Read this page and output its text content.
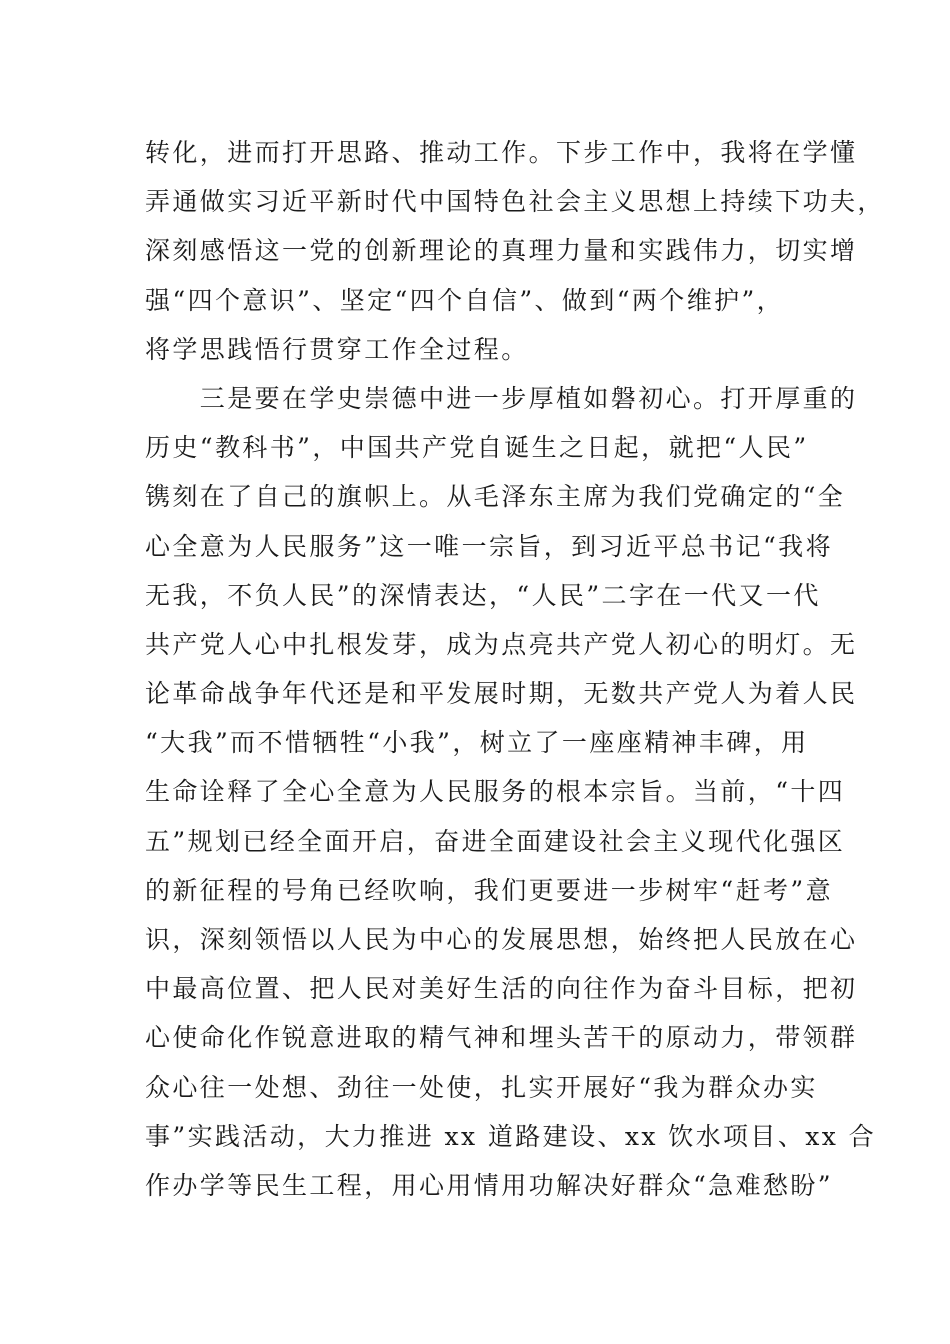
转化，进而打开思路、推动工作。下步工作中，我将在学懂
弄通做实习近平新时代中国特色社会主义思想上持续下功夫，
深刻感悟这一党的创新理论的真理力量和实践伟力，切实增
强“四个意识”、坚定“四个自信”、做到“两个维护”，
将学思践悟行贯穿工作全过程。
　　三是要在学史崇德中进一步厚植如磐初心。打开厚重的
历史“教科书”，中国共产党自诞生之日起，就把“人民”
镌刻在了自己的旗帜上。从毛泽东主席为我们党确定的“全
心全意为人民服务”这一唯一宗旨，到习近平总书记“我将
无我，不负人民”的深情表达，“人民”二字在一代又一代
共产党人心中扎根发芽，成为点亮共产党人初心的明灯。无
论革命战争年代还是和平发展时期，无数共产党人为着人民
“大我”而不惜牺牲“小我”，树立了一座座精神丰碑，用
生命诠释了全心全意为人民服务的根本宗旨。当前，“十四
五”规划已经全面开启，奋进全面建设社会主义现代化强区
的新征程的号角已经吹响，我们更要进一步树牢“赶考”意
识，深刻领悟以人民为中心的发展思想，始终把人民放在心
中最高位置、把人民对美好生活的向往作为奋斗目标，把初
心使命化作锐意进取的精气神和埋头苦干的原动力，带领群
众心往一处想、劲往一处使，扎实开展好“我为群众办实
事”实践活动，大力推进 xx 道路建设、xx 饮水项目、xx 合
作办学等民生工程，用心用情用功解决好群众“急难愁盼”
